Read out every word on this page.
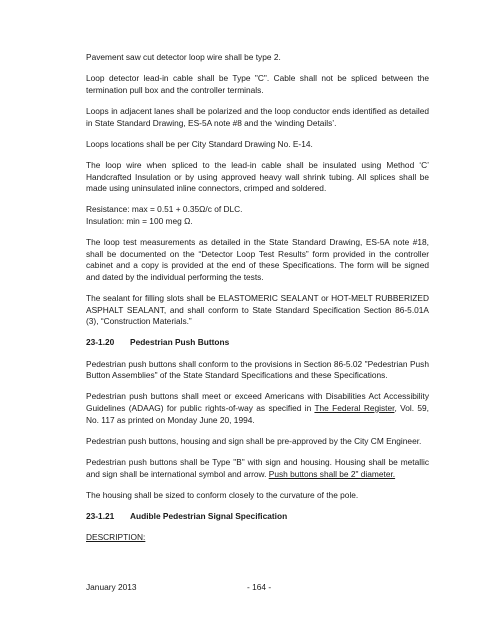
Pavement saw cut detector loop wire shall be type 2.

Loop detector lead-in cable shall be Type "C". Cable shall not be spliced between the termination pull box and the controller terminals.

Loops in adjacent lanes shall be polarized and the loop conductor ends identified as detailed in State Standard Drawing, ES-5A note #8 and the ‘winding Details’.

Loops locations shall be per City Standard Drawing No. E-14.

The loop wire when spliced to the lead-in cable shall be insulated using Method ‘C’ Handcrafted Insulation or by using approved heavy wall shrink tubing. All splices shall be made using uninsulated inline connectors, crimped and soldered.

Resistance: max = 0.51 + 0.35Ω/c of DLC.
Insulation: min = 100 meg Ω.

The loop test measurements as detailed in the State Standard Drawing, ES-5A note #18, shall be documented on the “Detector Loop Test Results” form provided in the controller cabinet and a copy is provided at the end of these Specifications. The form will be signed and dated by the individual performing the tests.

The sealant for filling slots shall be ELASTOMERIC SEALANT or HOT-MELT RUBBERIZED ASPHALT SEALANT, and shall conform to State Standard Specification Section 86-5.01A (3), “Construction Materials.”

23-1.20 Pedestrian Push Buttons

Pedestrian push buttons shall conform to the provisions in Section 86-5.02 "Pedestrian Push Button Assemblies" of the State Standard Specifications and these Specifications.

Pedestrian push buttons shall meet or exceed Americans with Disabilities Act Accessibility Guidelines (ADAAG) for public rights-of-way as specified in The Federal Register, Vol. 59, No. 117 as printed on Monday June 20, 1994.

Pedestrian push buttons, housing and sign shall be pre-approved by the City CM Engineer.

Pedestrian push buttons shall be Type "B" with sign and housing. Housing shall be metallic and sign shall be international symbol and arrow. Push buttons shall be 2" diameter.

The housing shall be sized to conform closely to the curvature of the pole.

23-1.21 Audible Pedestrian Signal Specification

DESCRIPTION:

January 2013	- 164 -
